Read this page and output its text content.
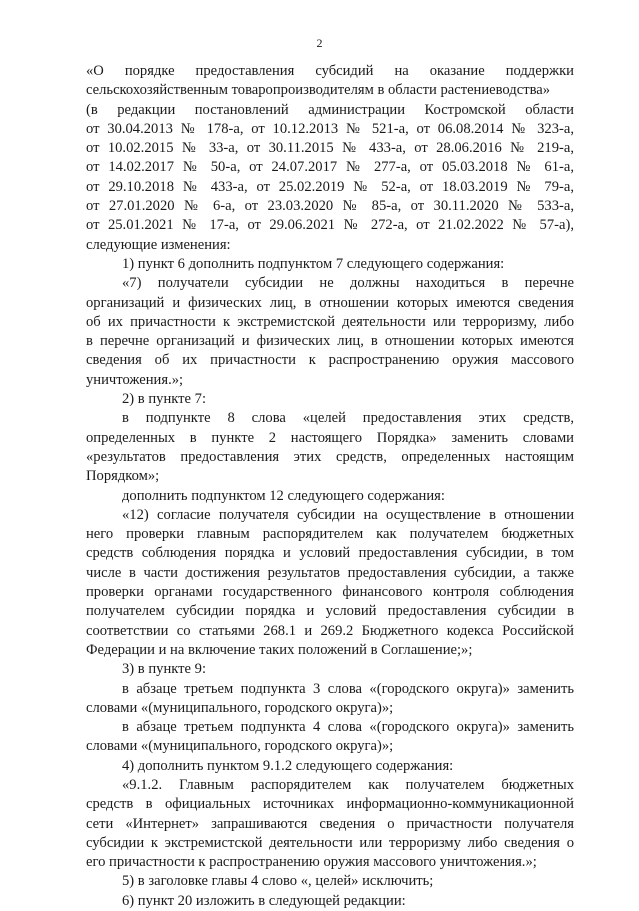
2

«О порядке предоставления субсидий на оказание поддержки

сельскохозяйственным товаропроизводителям в области растениеводства»

(в редакции постановлений администрации Костромской области

от 30.04.2013 № 178-а, от 10.12.2013 № 521-а, от 06.08.2014 № 323-а,

от 10.02.2015 № 33-а, от 30.11.2015 № 433-а, от 28.06.2016 № 219-а,

от 14.02.2017 № 50-а, от 24.07.2017 № 277-а, от 05.03.2018 № 61-а,

от 29.10.2018 № 433-а, от 25.02.2019 № 52-а, от 18.03.2019 № 79-а,

от 27.01.2020 № 6-а, от 23.03.2020 № 85-а, от 30.11.2020 № 533-а,

от 25.01.2021 № 17-а, от 29.06.2021 № 272-а, от 21.02.2022 № 57-а),

следующие изменения:

1) пункт 6 дополнить подпунктом 7 следующего содержания:

«7) получатели субсидии не должны находиться в перечне

организаций и физических лиц, в отношении которых имеются сведения

об их причастности к экстремистской деятельности или терроризму, либо

в перечне организаций и физических лиц, в отношении которых имеются

сведения об их причастности к распространению оружия массового

уничтожения.»;

2) в пункте 7:

в подпункте 8 слова «целей предоставления этих средств,

определенных в пункте 2 настоящего Порядка» заменить словами

«результатов предоставления этих средств, определенных настоящим

Порядком»;

дополнить подпунктом 12 следующего содержания:

«12) согласие получателя субсидии на осуществление в отношении

него проверки главным распорядителем как получателем бюджетных

средств соблюдения порядка и условий предоставления субсидии, в том

числе в части достижения результатов предоставления субсидии, а также

проверки органами государственного финансового контроля соблюдения

получателем субсидии порядка и условий предоставления субсидии в

соответствии со статьями 268.1 и 269.2 Бюджетного кодекса Российской

Федерации и на включение таких положений в Соглашение;»;

3) в пункте 9:

в абзаце третьем подпункта 3 слова «(городского округа)» заменить

словами «(муниципального, городского округа)»;

в абзаце третьем подпункта 4 слова «(городского округа)» заменить

словами «(муниципального, городского округа)»;

4) дополнить пунктом 9.1.2 следующего содержания:

«9.1.2. Главным распорядителем как получателем бюджетных

средств в официальных источниках информационно-коммуникационной

сети «Интернет» запрашиваются сведения о причастности получателя

субсидии к экстремистской деятельности или терроризму либо сведения о

его причастности к распространению оружия массового уничтожения.»;

5) в заголовке главы 4 слово «, целей» исключить;

6) пункт 20 изложить в следующей редакции:
